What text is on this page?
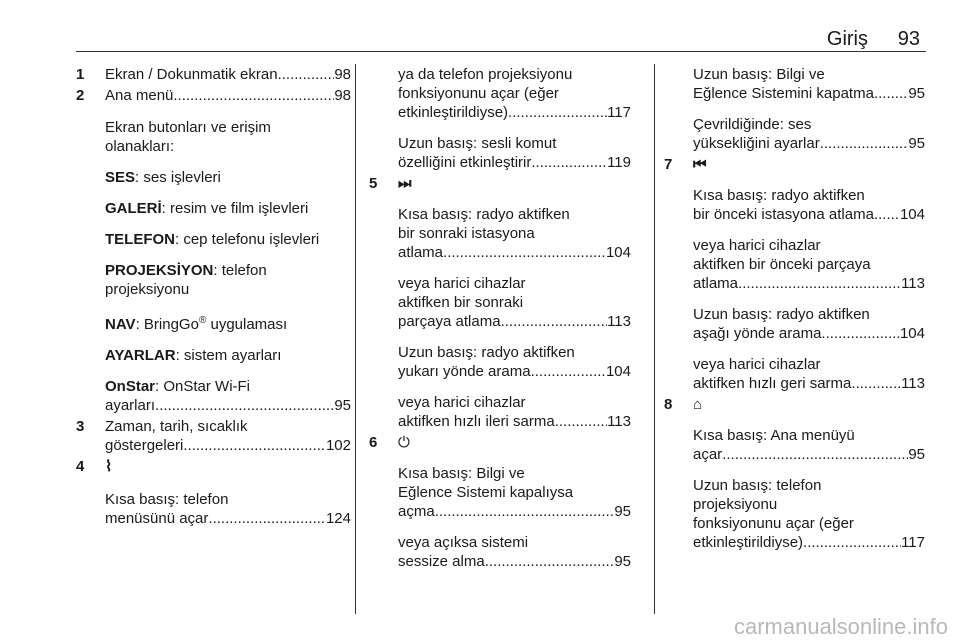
Giriş 93
1 Ekran / Dokunmatik ekran .....	98
2 Ana menü .....	98
Ekran butonları ve erişim
olanakları:
SES: ses işlevleri
GALERİ: resim ve film işlevleri
TELEFON: cep telefonu işlevleri
PROJEKSİYON: telefon
projeksiyonu
NAV: BringGo® uygulaması
AYARLAR: sistem ayarları
OnStar: OnStar Wi-Fi
ayarları .....	95
3 Zaman, tarih, sıcaklık
göstergeleri .....	102
4 ⌇
Kısa basış: telefon
menüsünü açar .....	124
ya da telefon projeksiyonu
fonksiyonunu açar (eğer
etkinleştirildiyse) .....	117
Uzun basış: sesli komut
özelliğini etkinleştirir .....	119
5 ⏭
Kısa basış: radyo aktifken
bir sonraki istasyona
atlama .....	104
veya harici cihazlar
aktifken bir sonraki
parçaya atlama .....	113
Uzun basış: radyo aktifken
yukarı yönde arama .....	104
veya harici cihazlar
aktifken hızlı ileri sarma .....	113
6 ⏻
Kısa basış: Bilgi ve
Eğlence Sistemi kapalıysa
açma .....	95
veya açıksa sistemi
sessize alma .....	95
Uzun basış: Bilgi ve
Eğlence Sistemini kapatma ..... 95
Çevrildiğinde: ses
yüksekliğini ayarlar .....	95
7 ⏮
Kısa basış: radyo aktifken
bir önceki istasyona atlama ..... 104
veya harici cihazlar
aktifken bir önceki parçaya
atlama .....	113
Uzun basış: radyo aktifken
aşağı yönde arama .....	104
veya harici cihazlar
aktifken hızlı geri sarma .....	113
8 ⌂
Kısa basış: Ana menüyü
açar .....	95
Uzun basış: telefon
projeksiyonu
fonksiyonunu açar (eğer
etkinleştirildiyse) .....	117
carmanualsonline.info
